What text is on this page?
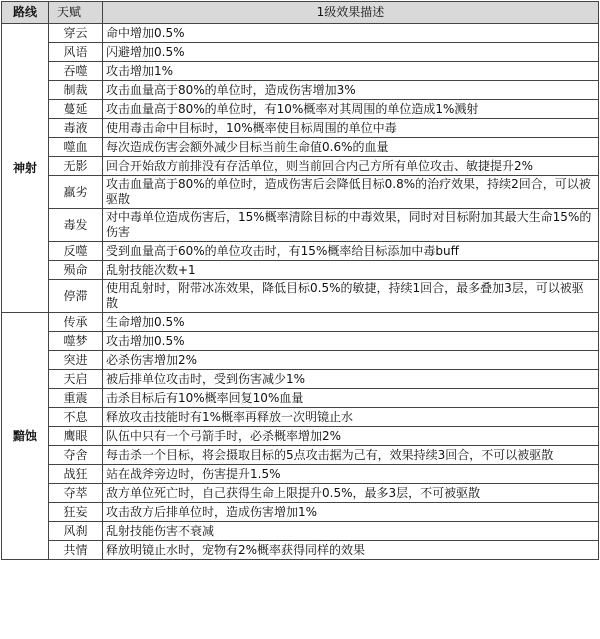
路线	天赋	1级效果描述
神射	穿云	命中增加0.5%
	风语	闪避增加0.5%
	吞噬	攻击增加1%
	制裁	攻击血量高于80%的单位时，造成伤害增加3%
	蔓延	攻击血量高于80%的单位时，有10%概率对其周围的单位造成1%溅射
	毒液	使用毒击命中目标时，10%概率使目标周围的单位中毒
	噬血	每次造成伤害会额外减少目标当前生命值0.6%的血量
	无影	回合开始敌方前排没有存活单位，则当前回合内己方所有单位攻击、敏捷提升2%
	羸劣	攻击血量高于80%的单位时，造成伤害后会降低目标0.8%的治疗效果，持续2回合，可以被驱散
	毒发	对中毒单位造成伤害后，15%概率清除目标的中毒效果，同时对目标附加其最大生命15%的伤害
	反噬	受到血量高于60%的单位攻击时，有15%概率给目标添加中毒buff
	殒命	乱射技能次数+1
	停滞	使用乱射时，附带冰冻效果，降低目标0.5%的敏捷，持续1回合，最多叠加3层，可以被驱散
黯蚀	传承	生命增加0.5%
	噬梦	攻击增加0.5%
	突进	必杀伤害增加2%
	天启	被后排单位攻击时，受到伤害减少1%
	重震	击杀目标后有10%概率回复10%血量
	不息	释放攻击技能时有1%概率再释放一次明镜止水
	鹰眼	队伍中只有一个弓箭手时，必杀概率增加2%
	夺舍	每击杀一个目标，将会摄取目标的5点攻击据为己有，效果持续3回合，不可以被驱散
	战狂	站在战斧旁边时，伤害提升1.5%
	夺萃	敌方单位死亡时，自己获得生命上限提升0.5%，最多3层，不可被驱散
	狂妄	攻击敌方后排单位时，造成伤害增加1%
	风刹	乱射技能伤害不衰减
	共情	释放明镜止水时，宠物有2%概率获得同样的效果
